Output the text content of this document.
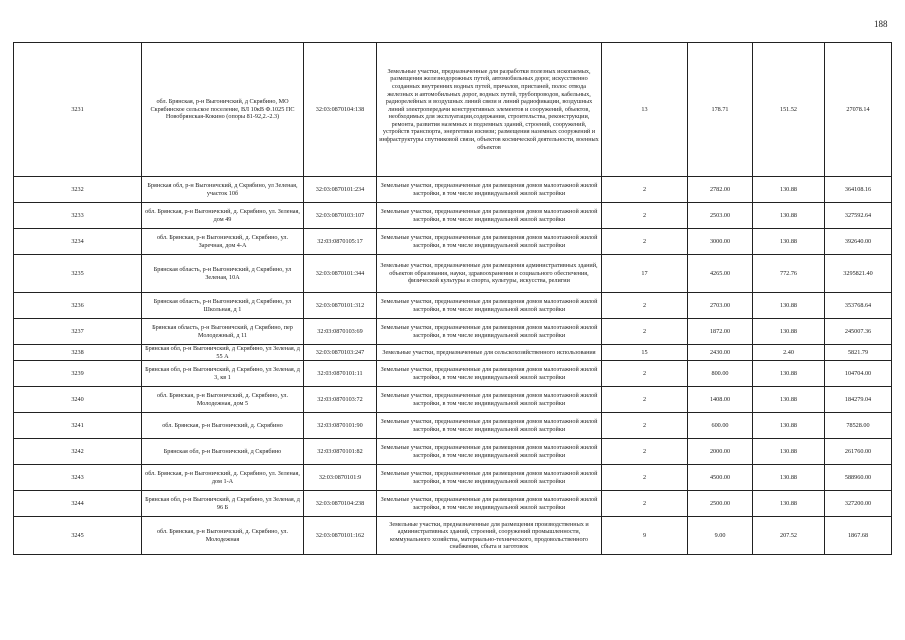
188
3231	обл. Брянская, р-н Выгоничский, д Скрябино, МО Скрябинское сельское поселение, ВЛ 10кВ Ф.1025 ПС Новобрянская-Кокино (опоры 81-92,2.-2.3)	32:03:0870104:138	Земельные участки, предназначенные для разработки полезных ископаемых, размещения железнодорожных путей, автомобильных дорог, искусственно созданных внутренних водных путей, причалов, пристаней, полос отвода железных и автомобильных дорог, водных путей, трубопроводов, кабельных, радиорелейных и воздушных линий связи и линий радиофикации, воздушных линий электропередачи конструктивных элементов и сооружений, объектов, необходимых для эксплуатации,содержания, строительства, реконструкции, ремонта, развития наземных и подземных зданий, строений, сооружений, устройств транспорта, энергетики изсвязи; размещения наземных сооружений и инфраструктуры спутниковой связи, объектов космической деятельности, военных объектов	13	178.71	151.52	27078.14
3232	Брянская обл, р-н Выгоничский, д Скрябино, ул Зеленая, участок 10б	32:03:0870101:234	Земельные участки, предназначенные для размещения домов малоэтажной жилой застройки, в том числе индивидуальной жилой застройки	2	2782.00	130.88	364108.16
3233	обл. Брянская, р-н Выгоничский, д. Скрябино, ул. Зеленая, дом 49	32:03:0870103:107	Земельные участки, предназначенные для размещения домов малоэтажной жилой застройки, в том числе индивидуальной жилой застройки	2	2503.00	130.88	327592.64
3234	обл. Брянская, р-н Выгоничский, д. Скрябино, ул. Заречная, дом 4-А	32:03:0870105:17	Земельные участки, предназначенные для размещения домов малоэтажной жилой застройки, в том числе индивидуальной жилой застройки	2	3000.00	130.88	392640.00
3235	Брянская область, р-н Выгоничский, д Скрябино, ул Зеленая, 10А	32:03:0870101:344	Земельные участки, предназначенные для размещения административных зданий, объектов образования, науки, здравоохранения и социального обеспечения, физической культуры и спорта, культуры, искусства, религии	17	4265.00	772.76	3295821.40
3236	Брянская область, р-н Выгоничский, д Скрябино, ул Школьная, д 1	32:03:0870101:312	Земельные участки, предназначенные для размещения домов малоэтажной жилой застройки, в том числе индивидуальной жилой застройки	2	2703.00	130.88	353768.64
3237	Брянская область, р-н Выгоничский, д Скрябино, пер Молодежный, д 11	32:03:0870103:69	Земельные участки, предназначенные для размещения домов малоэтажной жилой застройки, в том числе индивидуальной жилой застройки	2	1872.00	130.88	245007.36
3238	Брянская обл, р-н Выгоничский, д Скрябино, ул Зеленая, д 55 А	32:03:0870103:247	Земельные участки, предназначенные для сельскохозяйственного использования	15	2430.00	2.40	5821.79
3239	Брянская обл, р-н Выгоничский, д Скрябино, ул Зеленая, д 3, кв 1	32:03:0870101:11	Земельные участки, предназначенные для размещения домов малоэтажной жилой застройки, в том числе индивидуальной жилой застройки	2	800.00	130.88	104704.00
3240	обл. Брянская, р-н Выгоничский, д. Скрябино, ул. Молодежная, дом 5	32:03:0870103:72	Земельные участки, предназначенные для размещения домов малоэтажной жилой застройки, в том числе индивидуальной жилой застройки	2	1408.00	130.88	184279.04
3241	обл. Брянская, р-н Выгоничский, д. Скрябино	32:03:0870101:90	Земельные участки, предназначенные для размещения домов малоэтажной жилой застройки, в том числе индивидуальной жилой застройки	2	600.00	130.88	78528.00
3242	Брянская обл, р-н Выгоничский, д Скрябино	32:03:0870101:82	Земельные участки, предназначенные для размещения домов малоэтажной жилой застройки, в том числе индивидуальной жилой застройки	2	2000.00	130.88	261760.00
3243	обл. Брянская, р-н Выгоничский, д. Скрябино, ул. Зеленая, дом 1-А	32:03:0870101:9	Земельные участки, предназначенные для размещения домов малоэтажной жилой застройки, в том числе индивидуальной жилой застройки	2	4500.00	130.88	588960.00
3244	Брянская обл, р-н Выгоничский, д Скрябино, ул Зеленая, д 96 Б	32:03:0870104:238	Земельные участки, предназначенные для размещения домов малоэтажной жилой застройки, в том числе индивидуальной жилой застройки	2	2500.00	130.88	327200.00
3245	обл. Брянская, р-н Выгоничский, д. Скрябино, ул. Молодежная	32:03:0870101:162	Земельные участки, предназначенные для размещения производственных и административных зданий, строений, сооружений промышленности, коммунального хозяйства, материально-технического, продовольственного снабжения, сбыта и заготовок	9	9.00	207.52	1867.68
